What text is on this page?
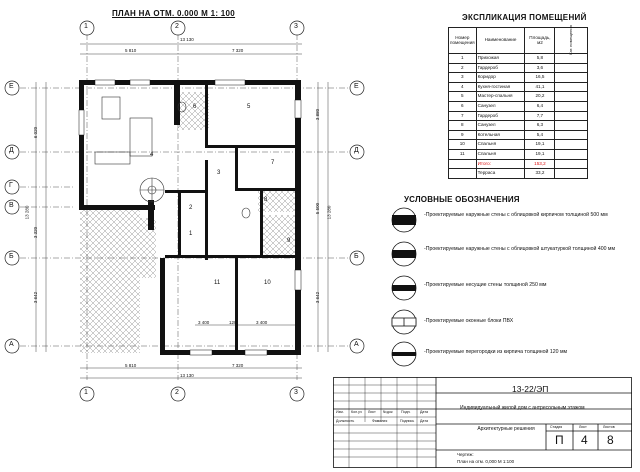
ПЛАН НА ОТМ. 0.000 М 1: 100
1	2	3
1	2	3
Е
Д
Г
В
Б
А
Е
Д
Б
А
13 130
5 810	7 320
5 810
13 130
7 320
6 020
13 280
3 320
3 642
3 880
13 280
5 500
3 642
3 400	120	3 400
1
2
3
4
5
6
7
8
9
10
11
ЭКСПЛИКАЦИЯ ПОМЕЩЕНИЙ
Номер помещения	Наименование	Площадь, м2	Кат. помещения
1	Прихожая	5,8	
2	Гардероб	3,6	
3	Коридор	16,5	
4	Кухня-гостиная	41,1	
5	Мастер-спальня	20,2	
6	Санузел	6,4	
7	Гардероб	7,7	
8	Санузел	6,3	
9	Котельная	5,4	
10	Спальня	19,1	
11	Спальня	19,1	
	Итого:	153,2	
	Терраса	33,2	
УСЛОВНЫЕ ОБОЗНАЧЕНИЯ
-Проектируемые наружные стены с облицовкой кирпичом толщиной 500 мм
-Проектируемые наружные стены с облицовкой штукатуркой толщиной 400 мм
-Проектируемые несущие стены толщиной 250 мм
-Проектируемые оконные блоки ПВХ
-Проектируемые перегородки из кирпича толщиной 120 мм
13-22/ЭП
Индивидуальный жилой дом с антресольным этажом
Архитектурные решения
Чертеж:
План на отм. 0,000 М 1:100
Изм. Кол.уч Лист №док Подп.	Дата
Должность	Фамилия	Подпись Дата
Стадия	Лист	Листов
П 4 8
